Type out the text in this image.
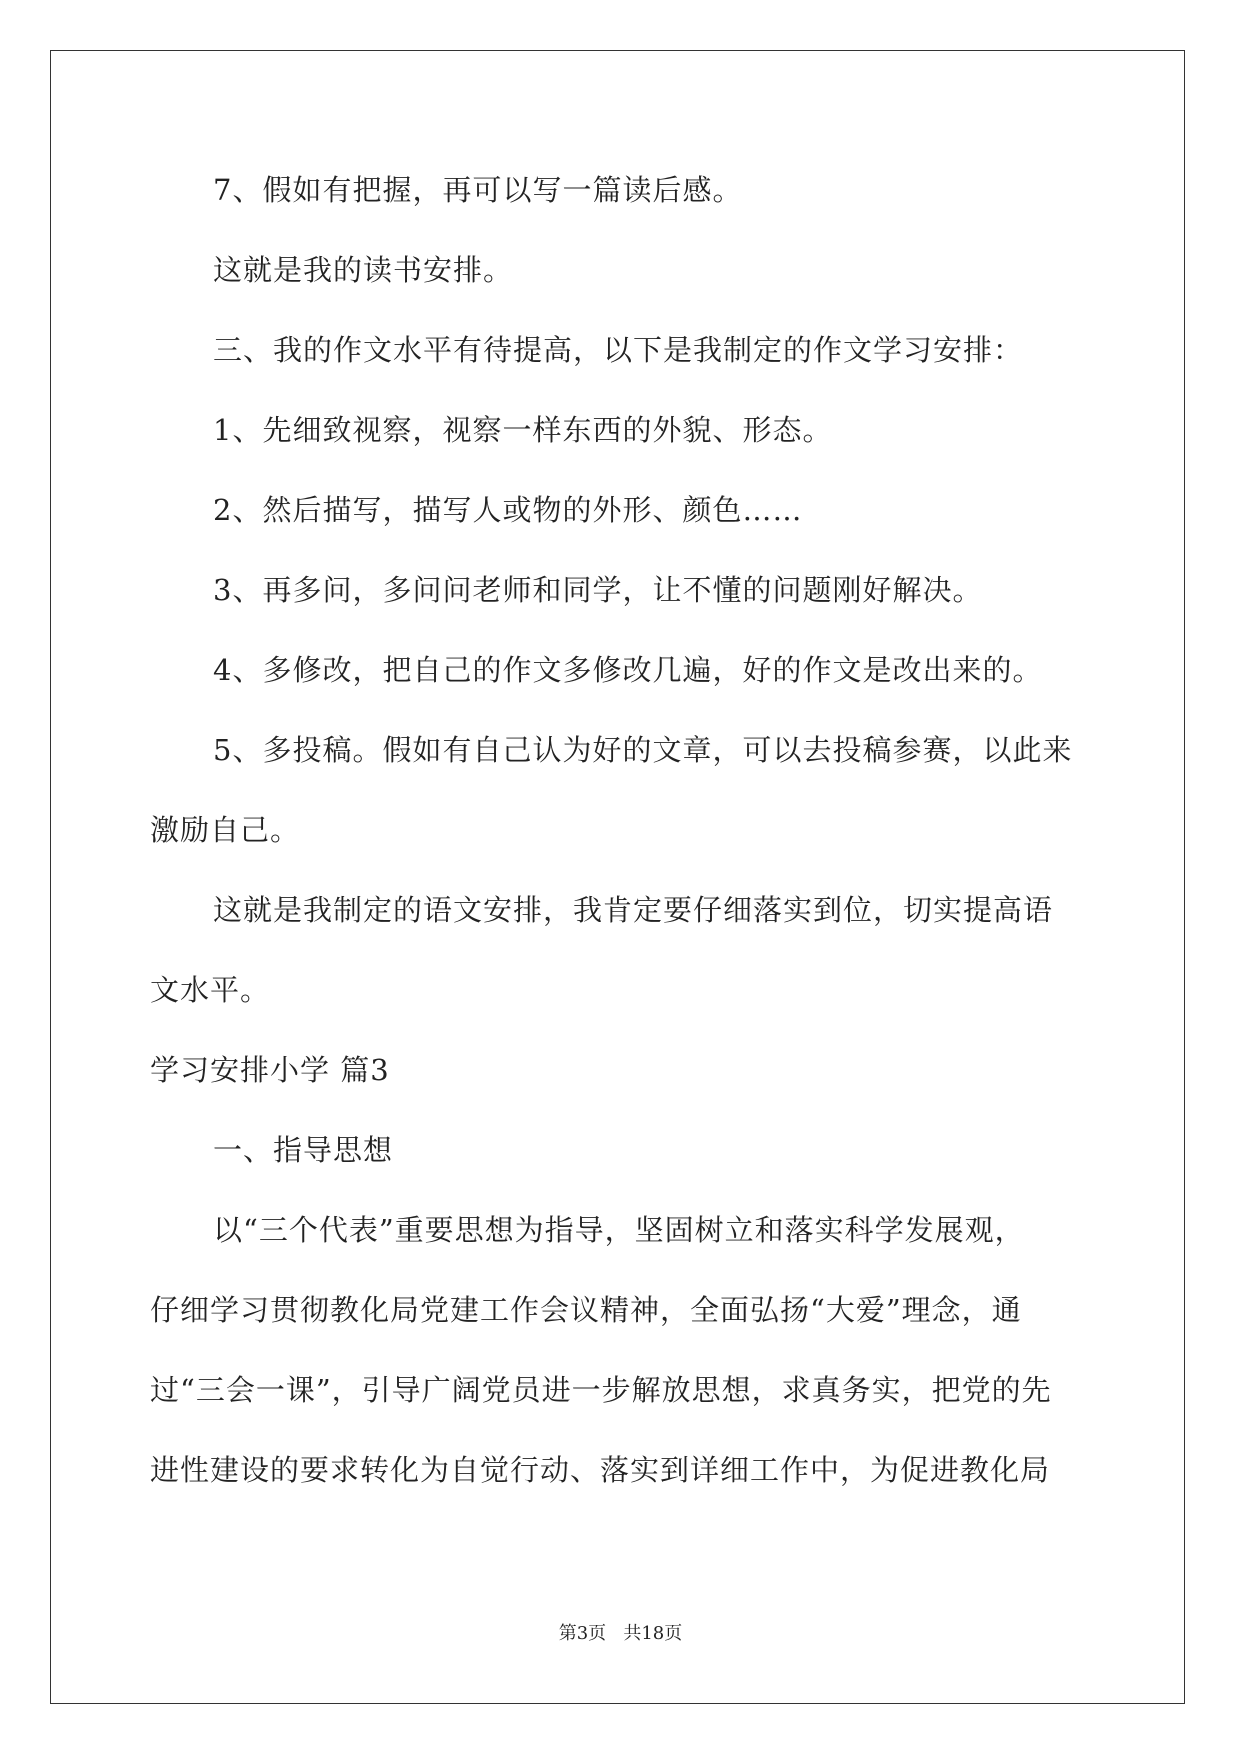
7、假如有把握，再可以写一篇读后感。
这就是我的读书安排。
三、我的作文水平有待提高，以下是我制定的作文学习安排：
1、先细致视察，视察一样东西的外貌、形态。
2、然后描写，描写人或物的外形、颜色……
3、再多问，多问问老师和同学，让不懂的问题刚好解决。
4、多修改，把自己的作文多修改几遍，好的作文是改出来的。
5、多投稿。假如有自己认为好的文章，可以去投稿参赛，以此来
激励自己。
这就是我制定的语文安排，我肯定要仔细落实到位，切实提高语
文水平。
学习安排小学 篇3
一、指导思想
以“三个代表”重要思想为指导，坚固树立和落实科学发展观，
仔细学习贯彻教化局党建工作会议精神，全面弘扬“大爱”理念，通
过“三会一课”，引导广阔党员进一步解放思想，求真务实，把党的先
进性建设的要求转化为自觉行动、落实到详细工作中，为促进教化局
第3页   共18页
